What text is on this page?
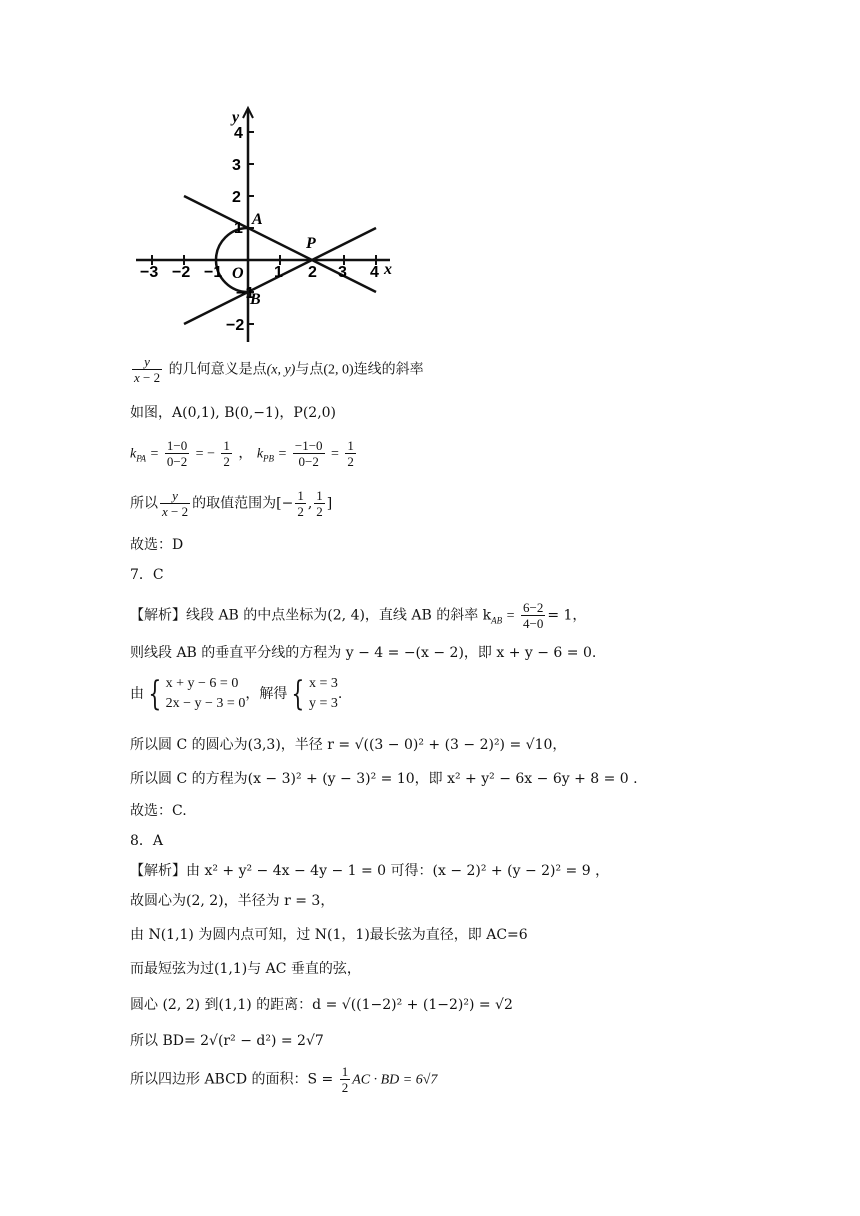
−3 −2 −1	1 2 3 4
4
3
2
1
−1
−2
x
y
O
A
B
P
$\frac{y}{x - 2}$ 的几何意义是点(x, y)与点(2, 0)连线的斜率
如图，A(0,1), B(0,−1)，P(2,0)
$k_{PA} = \frac{1-0}{0-2}$ = − $\frac{1}{2}$ ， $k_{PB} = \frac{-1-0}{0-2} = \frac{1}{2}$
所以 $\frac{y}{x - 2}$ 的取值范围为[− $\frac{1}{2}$ , $\frac{1}{2}$ ]
故选：D
7．C
【解析】线段 AB 的中点坐标为(2, 4)，直线 AB 的斜率 $k_{AB} = \frac{6-2}{4-0} = 1$，
则线段 AB 的垂直平分线的方程为 y − 4 = −(x − 2)，即 x + y − 6 = 0.
由 { x + y − 6 = 0
2x − y − 3 = 0
，解得 { x = 3
y = 3
.
所以圆 C 的圆心为(3,3)，半径 r = √((3 − 0)² + (3 − 2)²) = √10，
所以圆 C 的方程为(x − 3)² + (y − 3)² = 10，即 x² + y² − 6x − 6y + 8 = 0 .
故选：C.
8．A
【解析】由 x² + y² − 4x − 4y − 1 = 0 可得：(x − 2)² + (y − 2)² = 9 ，
故圆心为(2, 2)，半径为 r = 3，
由 N(1,1) 为圆内点可知，过 N(1，1)最长弦为直径，即 AC=6
而最短弦为过(1,1)与 AC 垂直的弦，
圆心 (2, 2) 到(1,1) 的距离：d = √((1−2)² + (1−2)²) = √2
所以 BD= 2√(r² − d²) = 2√7
所以四边形 ABCD 的面积：$S = \frac{1}{2}$ AC · BD = 6√7
